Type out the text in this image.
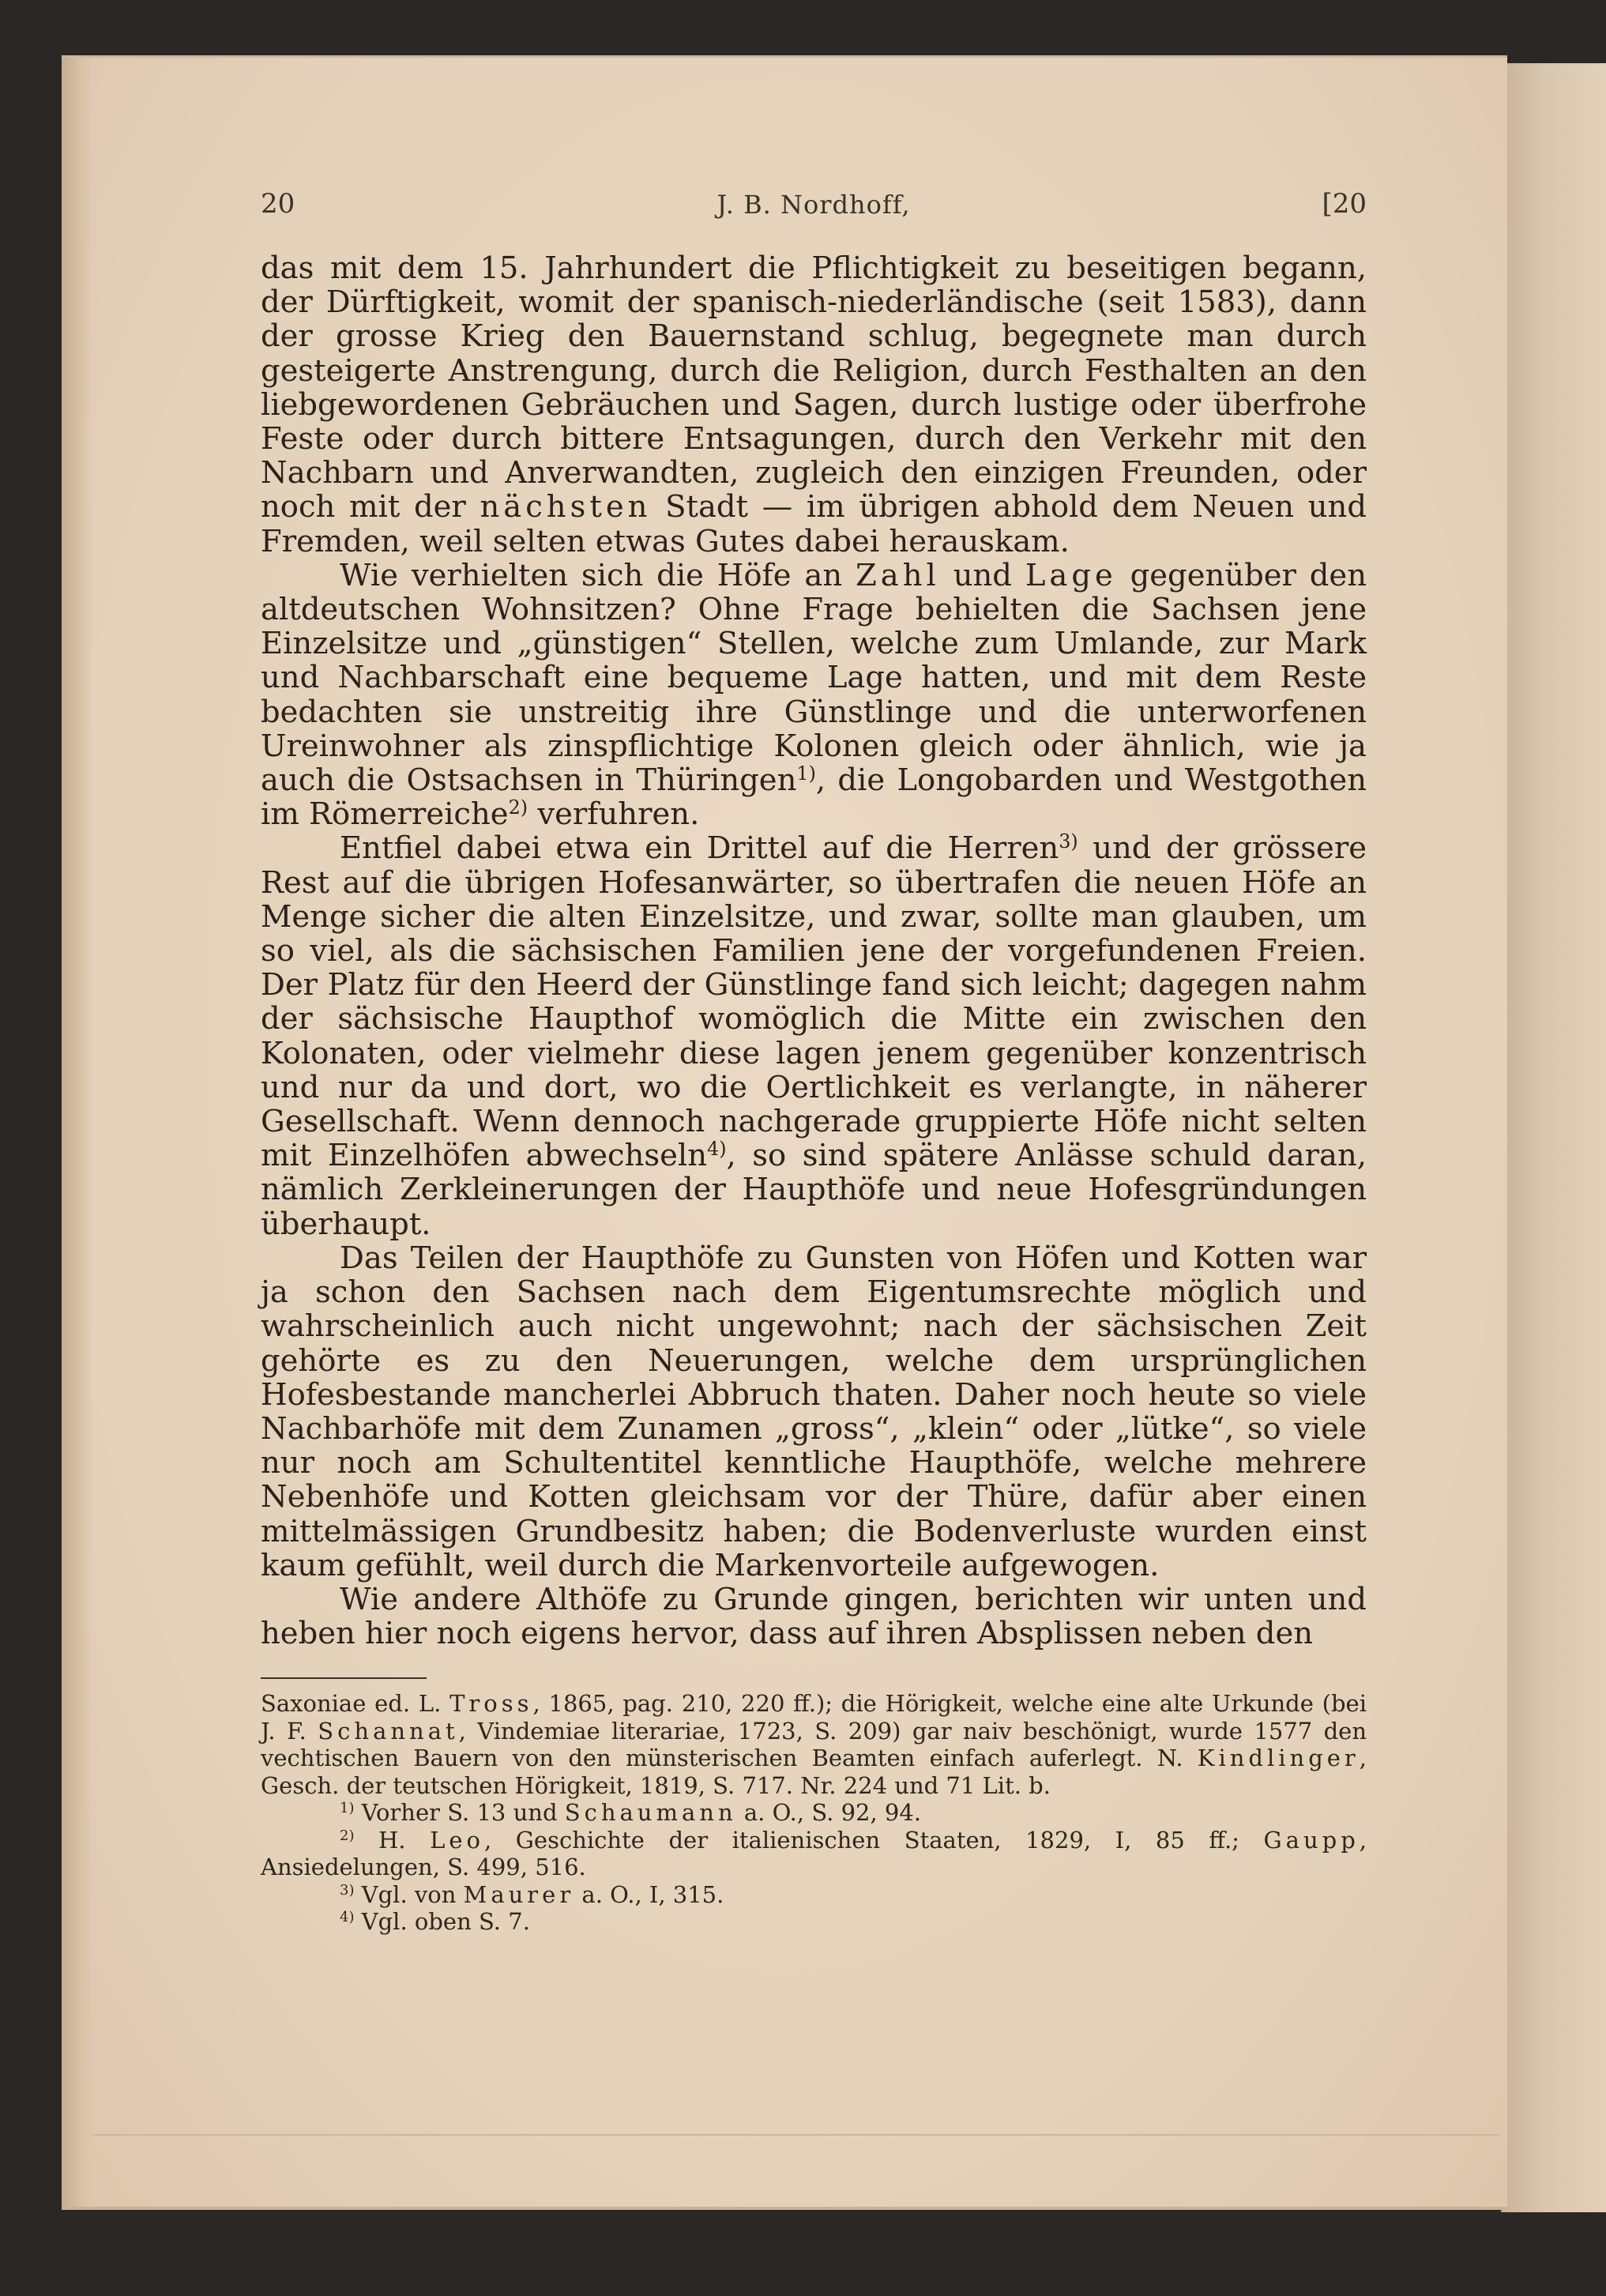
20	J. B. Nordhoff,	[20

das mit dem 15. Jahrhundert die Pflichtigkeit zu beseitigen begann, der Dürftigkeit, womit der spanisch-niederländische (seit 1583), dann der grosse Krieg den Bauernstand schlug, begegnete man durch gesteigerte Anstrengung, durch die Religion, durch Festhalten an den liebgewordenen Gebräuchen und Sagen, durch lustige oder überfrohe Feste oder durch bittere Entsagungen, durch den Verkehr mit den Nachbarn und Anverwandten, zugleich den einzigen Freunden, oder noch mit der nächsten Stadt — im übrigen abhold dem Neuen und Fremden, weil selten etwas Gutes dabei herauskam.

Wie verhielten sich die Höfe an Zahl und Lage gegenüber den altdeutschen Wohnsitzen? Ohne Frage behielten die Sachsen jene Einzelsitze und „günstigen“ Stellen, welche zum Umlande, zur Mark und Nachbarschaft eine bequeme Lage hatten, und mit dem Reste bedachten sie unstreitig ihre Günstlinge und die unterworfenen Ureinwohner als zinspflichtige Kolonen gleich oder ähnlich, wie ja auch die Ostsachsen in Thüringen$^{1)}$, die Longobarden und Westgothen im Römerreiche$^{2)}$ verfuhren.

Entfiel dabei etwa ein Drittel auf die Herren$^{3)}$ und der grössere Rest auf die übrigen Hofesanwärter, so übertrafen die neuen Höfe an Menge sicher die alten Einzelsitze, und zwar, sollte man glauben, um so viel, als die sächsischen Familien jene der vorgefundenen Freien. Der Platz für den Heerd der Günstlinge fand sich leicht; dagegen nahm der sächsische Haupthof womöglich die Mitte ein zwischen den Kolonaten, oder vielmehr diese lagen jenem gegenüber konzentrisch und nur da und dort, wo die Oertlichkeit es verlangte, in näherer Gesellschaft. Wenn dennoch nachgerade gruppierte Höfe nicht selten mit Einzelhöfen abwechseln$^{4)}$, so sind spätere Anlässe schuld daran, nämlich Zerkleinerungen der Haupthöfe und neue Hofesgründungen überhaupt.

Das Teilen der Haupthöfe zu Gunsten von Höfen und Kotten war ja schon den Sachsen nach dem Eigentumsrechte möglich und wahrscheinlich auch nicht ungewohnt; nach der sächsischen Zeit gehörte es zu den Neuerungen, welche dem ursprünglichen Hofesbestande mancherlei Abbruch thaten. Daher noch heute so viele Nachbarhöfe mit dem Zunamen „gross“, „klein“ oder „lütke“, so viele nur noch am Schultentitel kenntliche Haupthöfe, welche mehrere Nebenhöfe und Kotten gleichsam vor der Thüre, dafür aber einen mittelmässigen Grundbesitz haben; die Bodenverluste wurden einst kaum gefühlt, weil durch die Markenvorteile aufgewogen.

Wie andere Althöfe zu Grunde gingen, berichten wir unten und heben hier noch eigens hervor, dass auf ihren Absplissen neben den

Saxoniae ed. L. Tross, 1865, pag. 210, 220 ff.); die Hörigkeit, welche eine alte Urkunde (bei J. F. Schannat, Vindemiae literariae, 1723, S. 209) gar naiv beschönigt, wurde 1577 den vechtischen Bauern von den münsterischen Beamten einfach auferlegt. N. Kindlinger, Gesch. der teutschen Hörigkeit, 1819, S. 717. Nr. 224 und 71 Lit. b.

$^{1)}$ Vorher S. 13 und Schaumann a. O., S. 92, 94.

$^{2)}$ H. Leo, Geschichte der italienischen Staaten, 1829, I, 85 ff.; Gaupp, Ansiedelungen, S. 499, 516.

$^{3)}$ Vgl. von Maurer a. O., I, 315.

$^{4)}$ Vgl. oben S. 7.
